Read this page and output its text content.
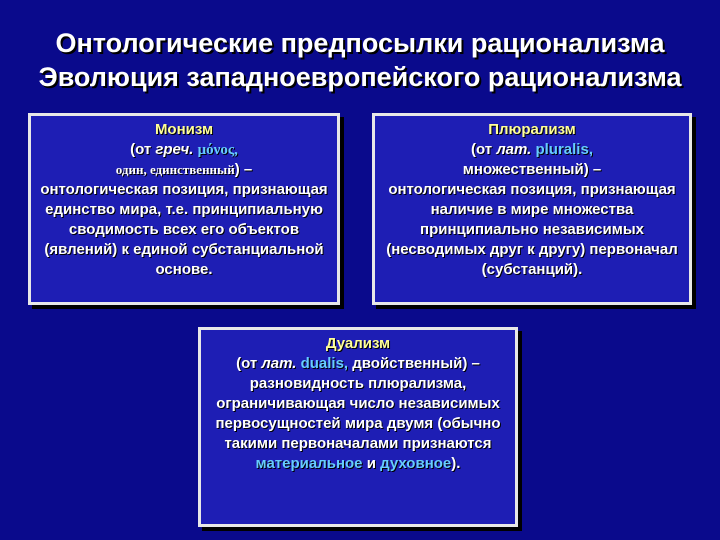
Онтологические предпосылки рационализма
Эволюция западноевропейского рационализма

Монизм

(от греч. μόνος,

один, единственный) –

онтологическая позиция, признающая единство мира, т.е. принципиальную сводимость всех его объектов (явлений) к единой субстанциальной основе.

Плюрализм

(от лат. pluralis,

множественный) –

онтологическая позиция, признающая наличие в мире множества принципиально независимых (несводимых друг к другу) первоначал (субстанций).

Дуализм

(от лат. dualis, двойственный) –

разновидность плюрализма, ограничивающая число независимых первосущностей мира двумя (обычно такими первоначалами признаются материальное и духовное).
